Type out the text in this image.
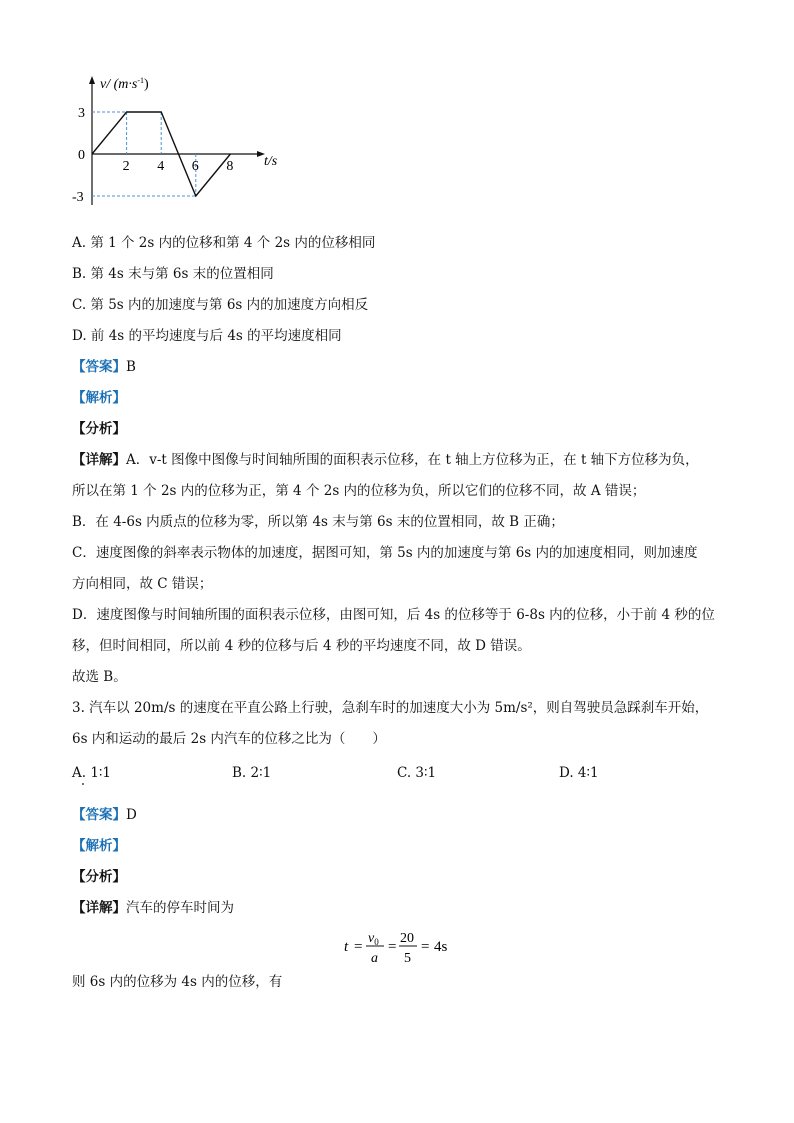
v/ $(m\cdot s^{-1})$
t/s
3
0
-3
2 4 6 8
A. 第 1 个 2s 内的位移和第 4 个 2s 内的位移相同
B. 第 4s 末与第 6s 末的位置相同
C. 第 5s 内的加速度与第 6s 内的加速度方向相反
D. 前 4s 的平均速度与后 4s 的平均速度相同
【答案】B
【解析】
【分析】
【详解】A．v-t 图像中图像与时间轴所围的面积表示位移，在 t 轴上方位移为正，在 t 轴下方位移为负，
所以在第 1 个 2s 内的位移为正，第 4 个 2s 内的位移为负，所以它们的位移不同，故 A 错误；
B．在 4-6s 内质点的位移为零，所以第 4s 末与第 6s 末的位置相同，故 B 正确；
C．速度图像的斜率表示物体的加速度，据图可知，第 5s 内的加速度与第 6s 内的加速度相同，则加速度
方向相同，故 C 错误；
D．速度图像与时间轴所围的面积表示位移，由图可知，后 4s 的位移等于 6-8s 内的位移，小于前 4 秒的位
移，但时间相同，所以前 4 秒的位移与后 4 秒的平均速度不同，故 D 错误。
故选 B。
3. 汽车以 20m/s 的速度在平直公路上行驶，急刹车时的加速度大小为 5m/s²，则自驾驶员急踩刹车开始，
6s 内和运动的最后 2s 内汽车的位移之比为（　　）
A. 1∶1	B. 2∶1	C. 3∶1	D. 4∶1
【答案】D
【解析】
【分析】
【详解】汽车的停车时间为
t =
$v_0$
a
=
20
5
= 4s
则 6s 内的位移为 4s 内的位移，有
